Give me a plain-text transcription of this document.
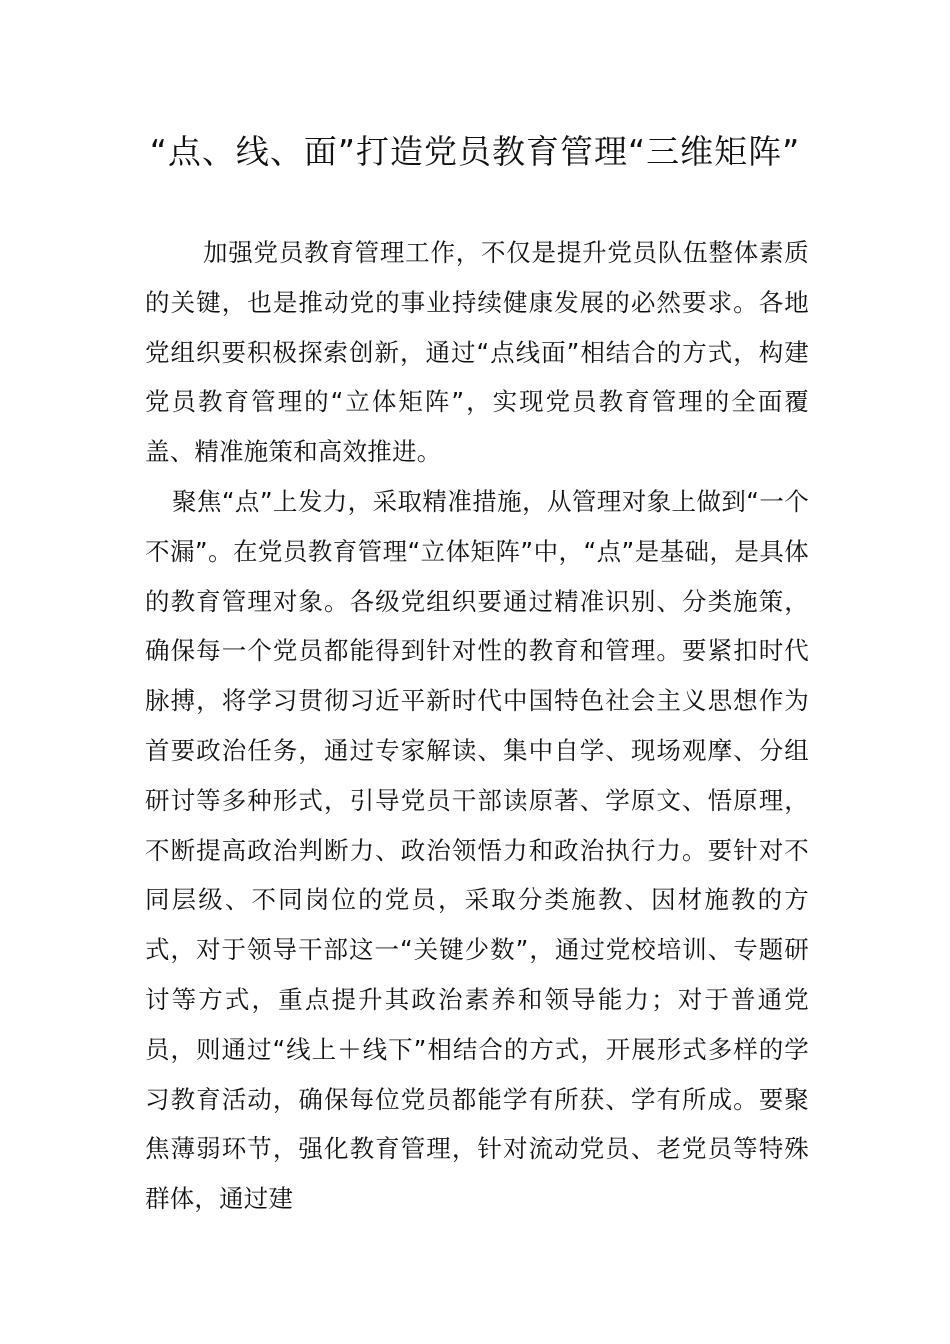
“点、线、面”打造党员教育管理“三维矩阵”

加强党员教育管理工作，不仅是提升党员队伍整体素质的关键，也是推动党的事业持续健康发展的必然要求。各地党组织要积极探索创新，通过“点线面”相结合的方式，构建党员教育管理的“立体矩阵”，实现党员教育管理的全面覆盖、精准施策和高效推进。

聚焦“点”上发力，采取精准措施，从管理对象上做到“一个不漏”。在党员教育管理“立体矩阵”中，“点”是基础，是具体的教育管理对象。各级党组织要通过精准识别、分类施策，确保每一个党员都能得到针对性的教育和管理。要紧扣时代脉搏，将学习贯彻习近平新时代中国特色社会主义思想作为首要政治任务，通过专家解读、集中自学、现场观摩、分组研讨等多种形式，引导党员干部读原著、学原文、悟原理，不断提高政治判断力、政治领悟力和政治执行力。要针对不同层级、不同岗位的党员，采取分类施教、因材施教的方式，对于领导干部这一“关键少数”，通过党校培训、专题研讨等方式，重点提升其政治素养和领导能力；对于普通党员，则通过“线上＋线下”相结合的方式，开展形式多样的学习教育活动，确保每位党员都能学有所获、学有所成。要聚焦薄弱环节，强化教育管理，针对流动党员、老党员等特殊群体，通过建
